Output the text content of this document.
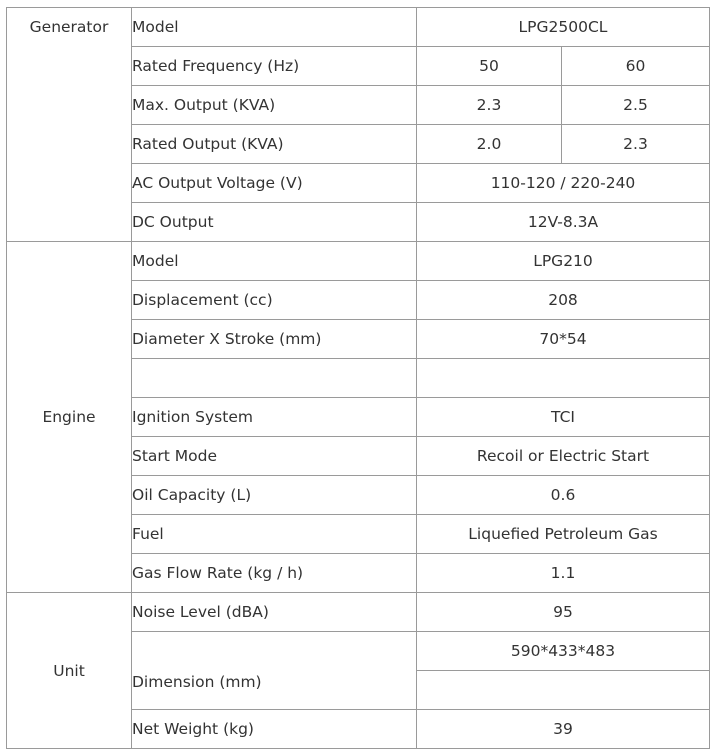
Generator	Model	LPG2500CL	
	Rated Frequency (Hz)	50	60
	Max. Output (KVA)	2.3	2.5
	Rated Output (KVA)	2.0	2.3
	AC Output Voltage (V)	110-120 / 220-240	
	DC Output	12V-8.3A	
Engine	Model	LPG210	
	Displacement (cc)	208	
	Diameter X Stroke (mm)	70*54	

	Ignition System	TCI	
	Start Mode	Recoil or Electric Start	
	Oil Capacity (L)	0.6	
	Fuel	Liquefied Petroleum Gas	
	Gas Flow Rate (kg / h)	1.1	
Unit	Noise Level (dBA)	95	
	Dimension (mm)	590*433*483	

	Net Weight (kg)	39	
